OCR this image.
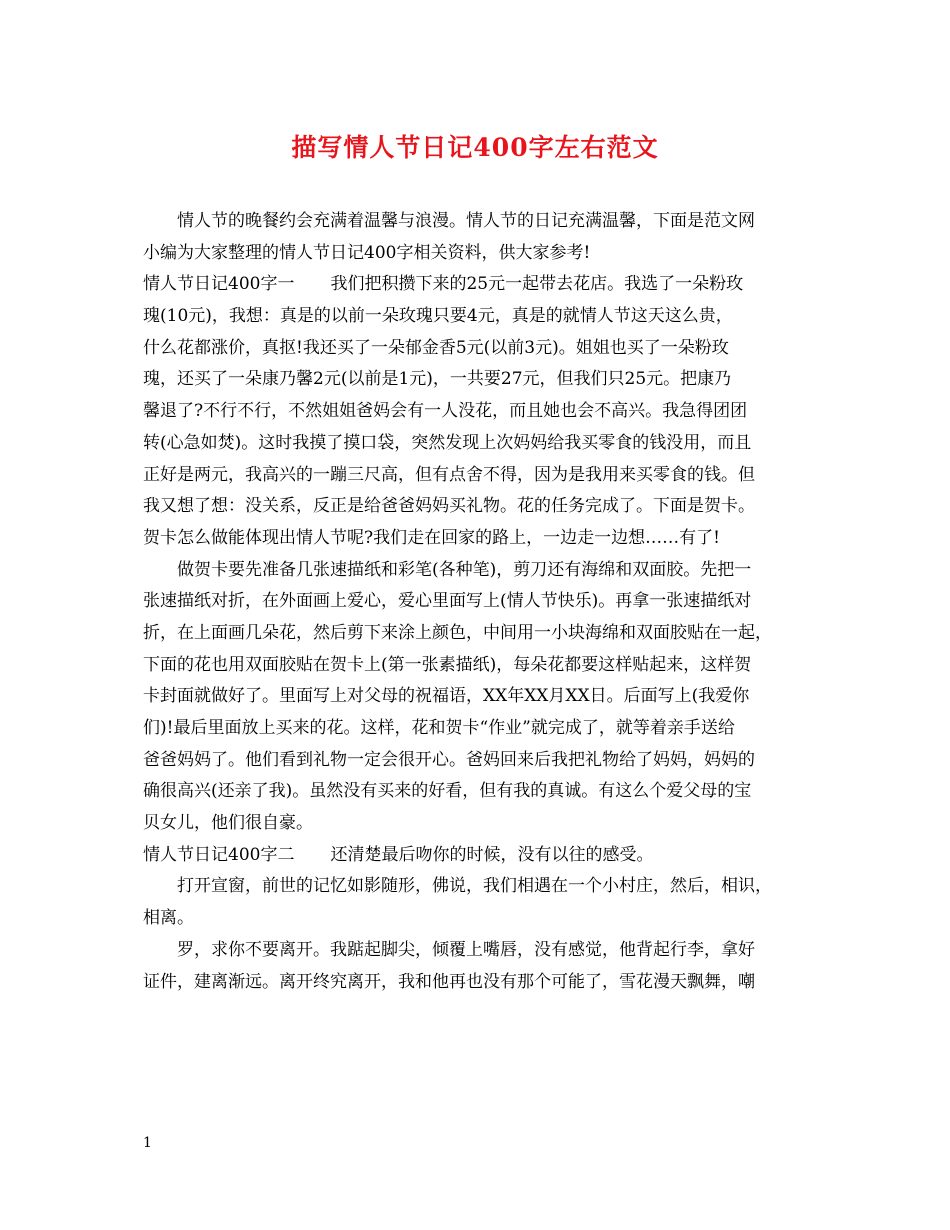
描写情人节日记400字左右范文
情人节的晚餐约会充满着温馨与浪漫。情人节的日记充满温馨，下面是范文网
小编为大家整理的情人节日记400字相关资料，供大家参考!
情人节日记400字一 我们把积攒下来的25元一起带去花店。我选了一朵粉玫
瑰(10元)，我想：真是的以前一朵玫瑰只要4元，真是的就情人节这天这么贵，
什么花都涨价，真抠!我还买了一朵郁金香5元(以前3元)。姐姐也买了一朵粉玫
瑰，还买了一朵康乃馨2元(以前是1元)，一共要27元，但我们只25元。把康乃
馨退了?不行不行，不然姐姐爸妈会有一人没花，而且她也会不高兴。我急得团团
转(心急如焚)。这时我摸了摸口袋，突然发现上次妈妈给我买零食的钱没用，而且
正好是两元，我高兴的一蹦三尺高，但有点舍不得，因为是我用来买零食的钱。但
我又想了想：没关系，反正是给爸爸妈妈买礼物。花的任务完成了。下面是贺卡。
贺卡怎么做能体现出情人节呢?我们走在回家的路上，一边走一边想……有了!
做贺卡要先准备几张速描纸和彩笔(各种笔)，剪刀还有海绵和双面胶。先把一
张速描纸对折，在外面画上爱心，爱心里面写上(情人节快乐)。再拿一张速描纸对
折，在上面画几朵花，然后剪下来涂上颜色，中间用一小块海绵和双面胶贴在一起，
下面的花也用双面胶贴在贺卡上(第一张素描纸)，每朵花都要这样贴起来，这样贺
卡封面就做好了。里面写上对父母的祝福语，XX年XX月XX日。后面写上(我爱你
们)!最后里面放上买来的花。这样，花和贺卡“作业”就完成了，就等着亲手送给
爸爸妈妈了。他们看到礼物一定会很开心。爸妈回来后我把礼物给了妈妈，妈妈的
确很高兴(还亲了我)。虽然没有买来的好看，但有我的真诚。有这么个爱父母的宝
贝女儿，他们很自豪。
情人节日记400字二 还清楚最后吻你的时候，没有以往的感受。
打开宣窗，前世的记忆如影随形，佛说，我们相遇在一个小村庄，然后，相识，
相离。
罗，求你不要离开。我踮起脚尖，倾覆上嘴唇，没有感觉，他背起行李，拿好
证件，建离渐远。离开终究离开，我和他再也没有那个可能了，雪花漫天飘舞，嘲
1
